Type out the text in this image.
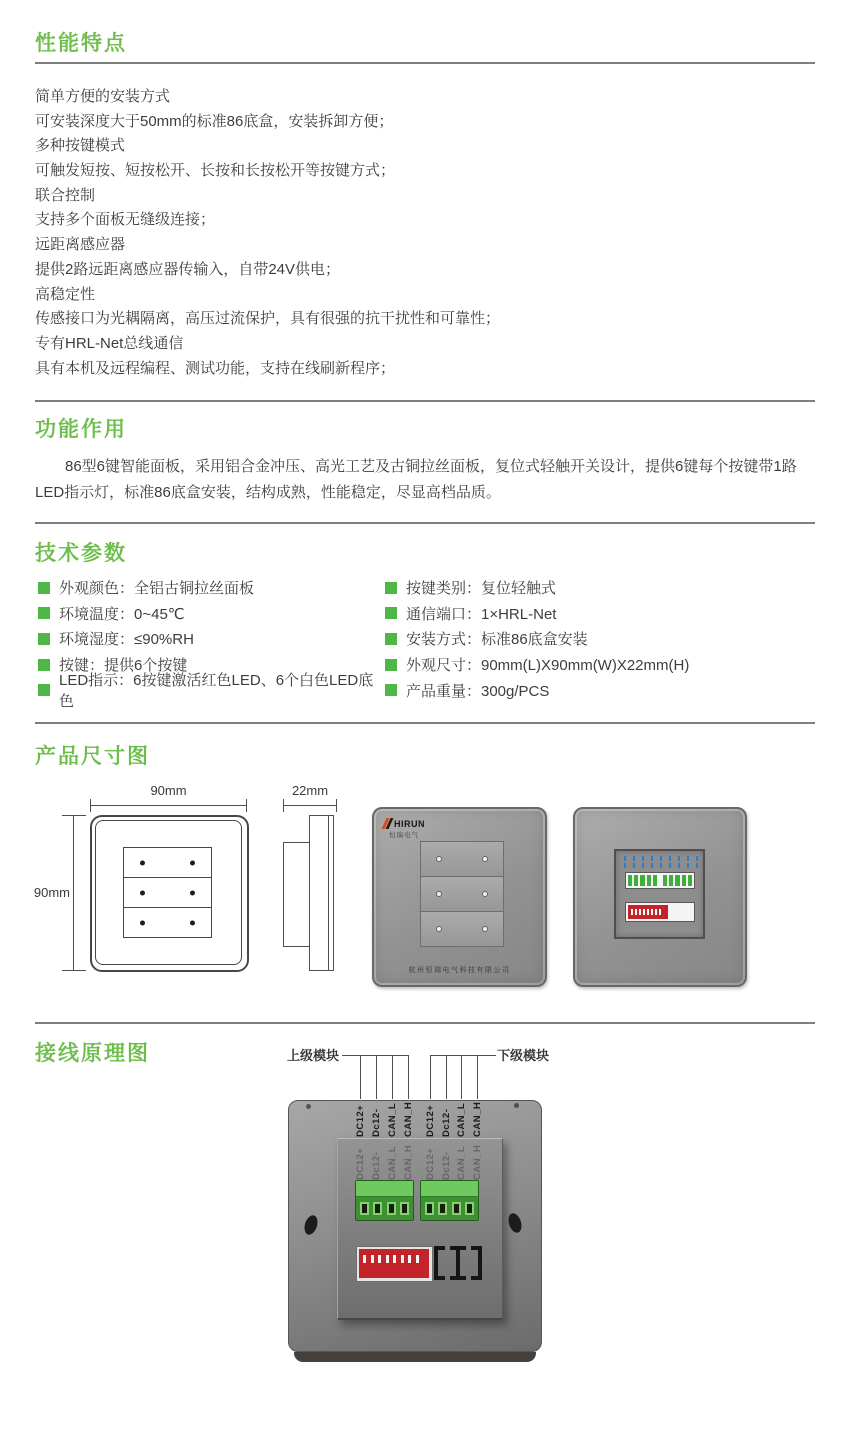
性能特点

简单方便的安装方式

可安装深度大于50mm的标准86底盒，安装拆卸方便；

多种按键模式

可触发短按、短按松开、长按和长按松开等按键方式；

联合控制

支持多个面板无缝级连接；

远距离感应器

提供2路远距离感应器传输入，自带24V供电；

高稳定性

传感接口为光耦隔离，高压过流保护，具有很强的抗干扰性和可靠性；

专有HRL-Net总线通信

具有本机及远程编程、测试功能，支持在线刷新程序；

功能作用

86型6键智能面板，采用铝合金冲压、高光工艺及古铜拉丝面板，复位式轻触开关设计，提供6键每个按键带1路LED指示灯，标准86底盒安装，结构成熟，性能稳定，尽显高档品质。

技术参数
外观颜色：全铝古铜拉丝面板
环境温度：0~45℃
环境湿度：≤90%RH
按键：提供6个按键
LED指示：6按键激活红色LED、6个白色LED底色
按键类别：复位轻触式
通信端口：1×HRL-Net
安装方式：标准86底盒安装
外观尺寸：90mm(L)X90mm(W)X22mm(H)
产品重量：300g/PCS
产品尺寸图
90mm
90mm
22mm
HIRUN
恒瑞电气
杭州恒瑞电气科技有限公司
接线原理图	上级模块	下级模块
DC12+ Dc12- CAN_L CAN_H DC12+ Dc12- CAN_L CAN_H
DC12+ Dc12- CAN_L CAN_H DC12+ Dc12- CAN_L CAN_H
